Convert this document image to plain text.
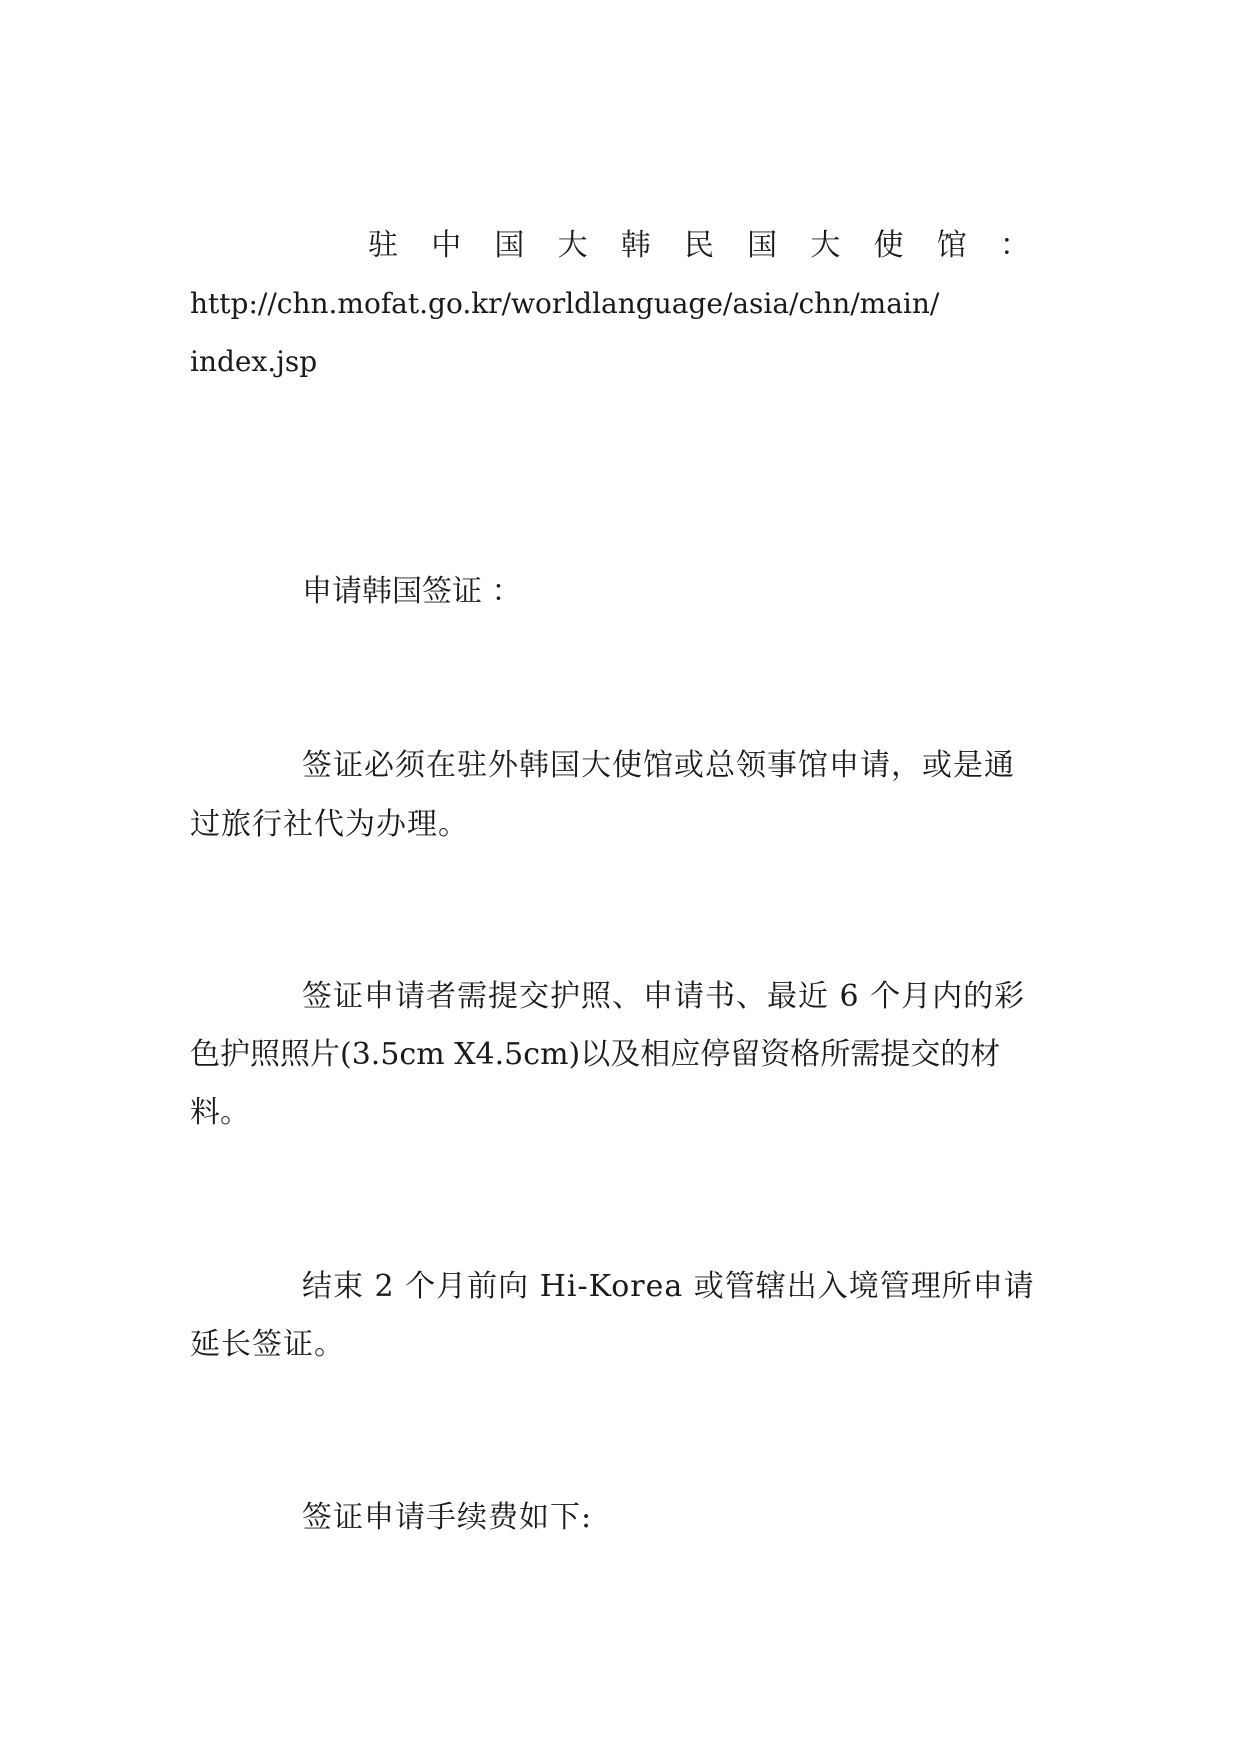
驻 中 国 大 韩 民 国 大 使 馆 ：
http://chn.mofat.go.kr/worldlanguage/asia/chn/main/
index.jsp
申请韩国签证 ：
签证必须在驻外韩国大使馆或总领事馆申请，或是通
过旅行社代为办理。
签证申请者需提交护照、申请书、最近 6 个月内的彩
色护照照片(3.5cm X4.5cm)以及相应停留资格所需提交的材
料。
结束 2 个月前向 Hi-Korea 或管辖出入境管理所申请
延长签证。
签证申请手续费如下:
